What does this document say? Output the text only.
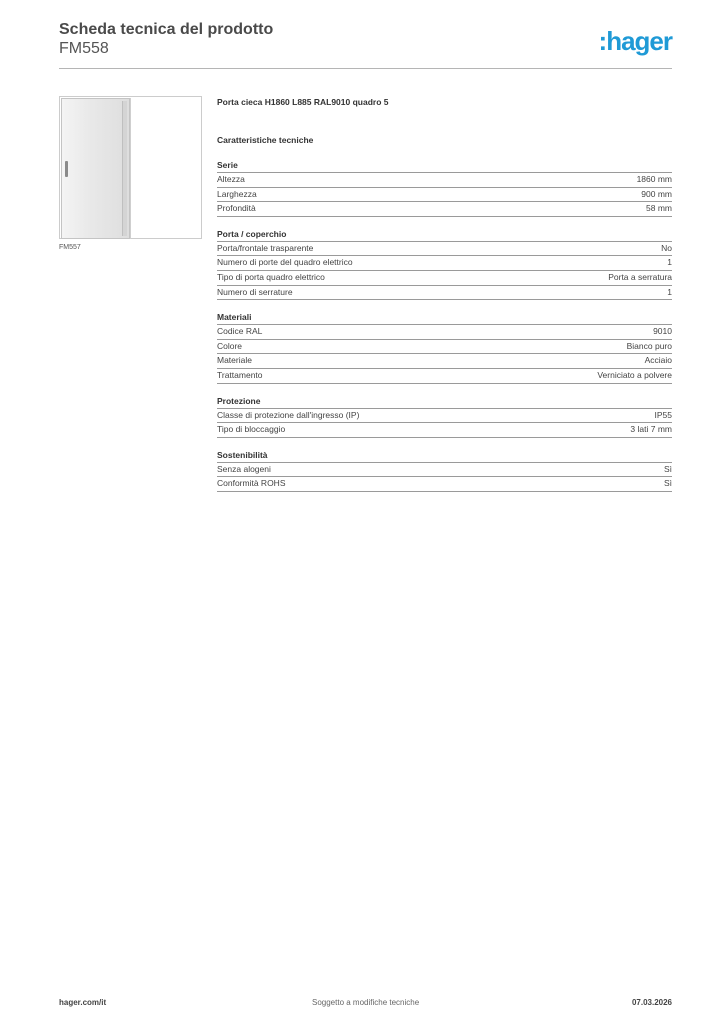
Scheda tecnica del prodotto
FM558	:hager
FM557
Porta cieca H1860 L885 RAL9010 quadro 5
Caratteristiche tecniche
Serie
Altezza	1860 mm
Larghezza	900 mm
Profondità	58 mm
Porta / coperchio
Porta/frontale trasparente	No
Numero di porte del quadro elettrico	1
Tipo di porta quadro elettrico	Porta a serratura
Numero di serrature	1
Materiali
Codice RAL	9010
Colore	Bianco puro
Materiale	Acciaio
Trattamento	Verniciato a polvere
Protezione
Classe di protezione dall'ingresso (IP)	IP55
Tipo di bloccaggio	3 lati 7 mm
Sostenibilità
Senza alogeni	Sì
Conformità ROHS	Sì
hager.com/it	Soggetto a modifiche tecniche	07.03.2026
